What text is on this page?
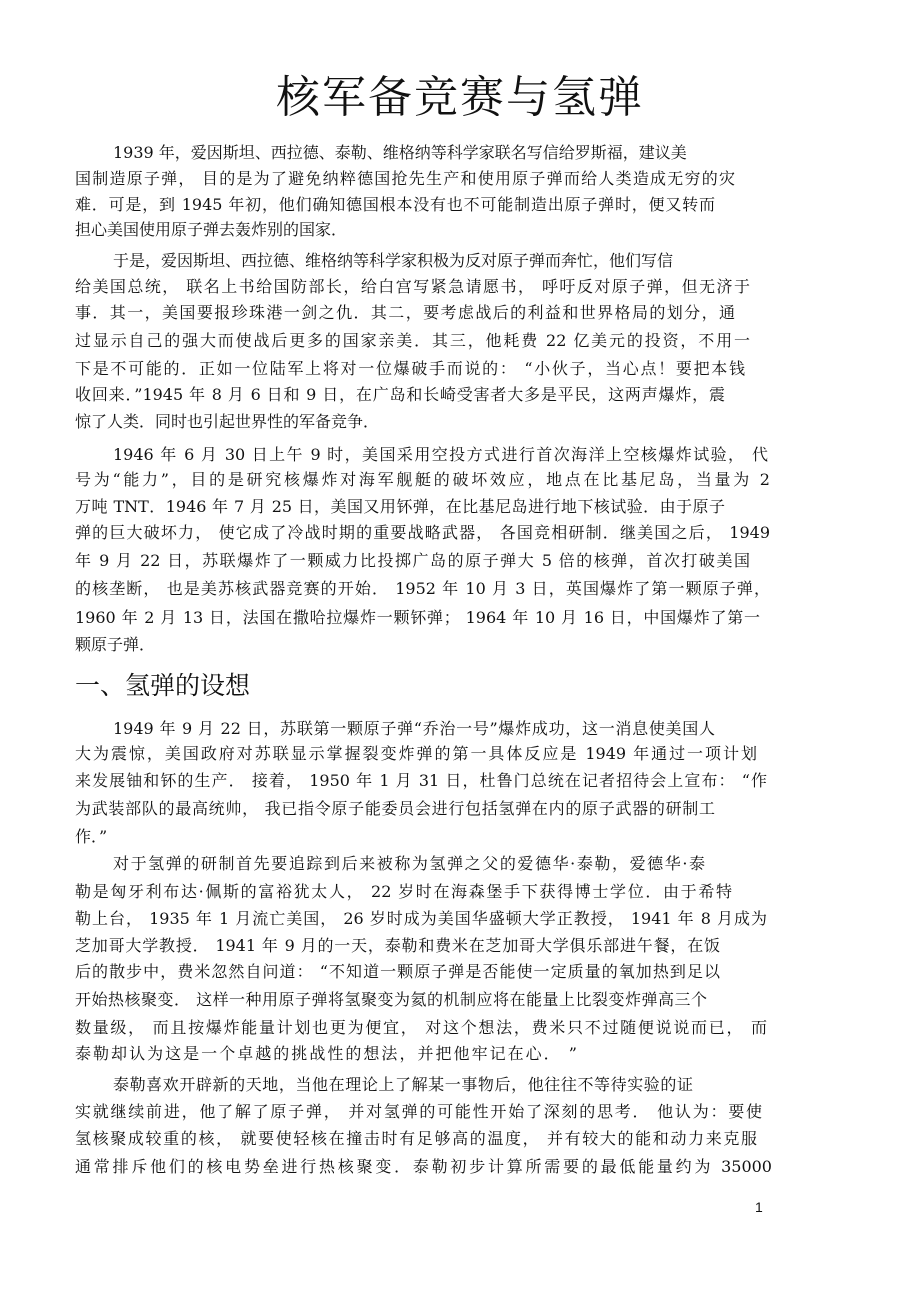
核军备竞赛与氢弹
1939 年，爱因斯坦、西拉德、泰勒、维格纳等科学家联名写信给罗斯福，建议美
国制造原子弹， 目的是为了避免纳粹德国抢先生产和使用原子弹而给人类造成无穷的灾
难．可是，到 1945 年初，他们确知德国根本没有也不可能制造出原子弹时，便又转而
担心美国使用原子弹去轰炸别的国家．
于是，爱因斯坦、西拉德、维格纳等科学家积极为反对原子弹而奔忙，他们写信
给美国总统， 联名上书给国防部长，给白宫写紧急请愿书， 呼吁反对原子弹，但无济于
事．其一，美国要报珍珠港一剑之仇．其二，要考虑战后的利益和世界格局的划分，通
过显示自己的强大而使战后更多的国家亲美．其三，他耗费 22 亿美元的投资，不用一
下是不可能的．正如一位陆军上将对一位爆破手而说的： “小伙子，当心点！要把本钱
收回来．”1945 年 8 月 6 日和 9 日，在广岛和长崎受害者大多是平民，这两声爆炸，震
惊了人类．同时也引起世界性的军备竞争．
1946 年 6 月 30 日上午 9 时，美国采用空投方式进行首次海洋上空核爆炸试验， 代
号为“能力”，目的是研究核爆炸对海军舰艇的破坏效应，地点在比基尼岛，当量为 2
万吨 TNT．1946 年 7 月 25 日，美国又用钚弹，在比基尼岛进行地下核试验．由于原子
弹的巨大破坏力， 使它成了冷战时期的重要战略武器， 各国竞相研制．继美国之后， 1949
年 9 月 22 日，苏联爆炸了一颗威力比投掷广岛的原子弹大 5 倍的核弹，首次打破美国
的核垄断， 也是美苏核武器竞赛的开始． 1952 年 10 月 3 日，英国爆炸了第一颗原子弹，
1960 年 2 月 13 日，法国在撒哈拉爆炸一颗钚弹； 1964 年 10 月 16 日，中国爆炸了第一
颗原子弹．
一、氢弹的设想
1949 年 9 月 22 日，苏联第一颗原子弹“乔治一号”爆炸成功，这一消息使美国人
大为震惊，美国政府对苏联显示掌握裂变炸弹的第一具体反应是 1949 年通过一项计划
来发展铀和钚的生产． 接着， 1950 年 1 月 31 日，杜鲁门总统在记者招待会上宣布： “作
为武装部队的最高统帅， 我已指令原子能委员会进行包括氢弹在内的原子武器的研制工
作．”
对于氢弹的研制首先要追踪到后来被称为氢弹之父的爱德华·泰勒，爱德华·泰
勒是匈牙利布达·佩斯的富裕犹太人， 22 岁时在海森堡手下获得博士学位．由于希特
勒上台， 1935 年 1 月流亡美国， 26 岁时成为美国华盛顿大学正教授， 1941 年 8 月成为
芝加哥大学教授． 1941 年 9 月的一天，泰勒和费米在芝加哥大学俱乐部进午餐，在饭
后的散步中，费米忽然自问道： “不知道一颗原子弹是否能使一定质量的氧加热到足以
开始热核聚变． 这样一种用原子弹将氢聚变为氦的机制应将在能量上比裂变炸弹高三个
数量级， 而且按爆炸能量计划也更为便宜， 对这个想法，费米只不过随便说说而已， 而
泰勒却认为这是一个卓越的挑战性的想法，并把他牢记在心． ”
泰勒喜欢开辟新的天地，当他在理论上了解某一事物后，他往往不等待实验的证
实就继续前进，他了解了原子弹， 并对氢弹的可能性开始了深刻的思考． 他认为：要使
氢核聚成较重的核， 就要使轻核在撞击时有足够高的温度， 并有较大的能和动力来克服
通常排斥他们的核电势垒进行热核聚变．泰勒初步计算所需要的最低能量约为 35000
1
